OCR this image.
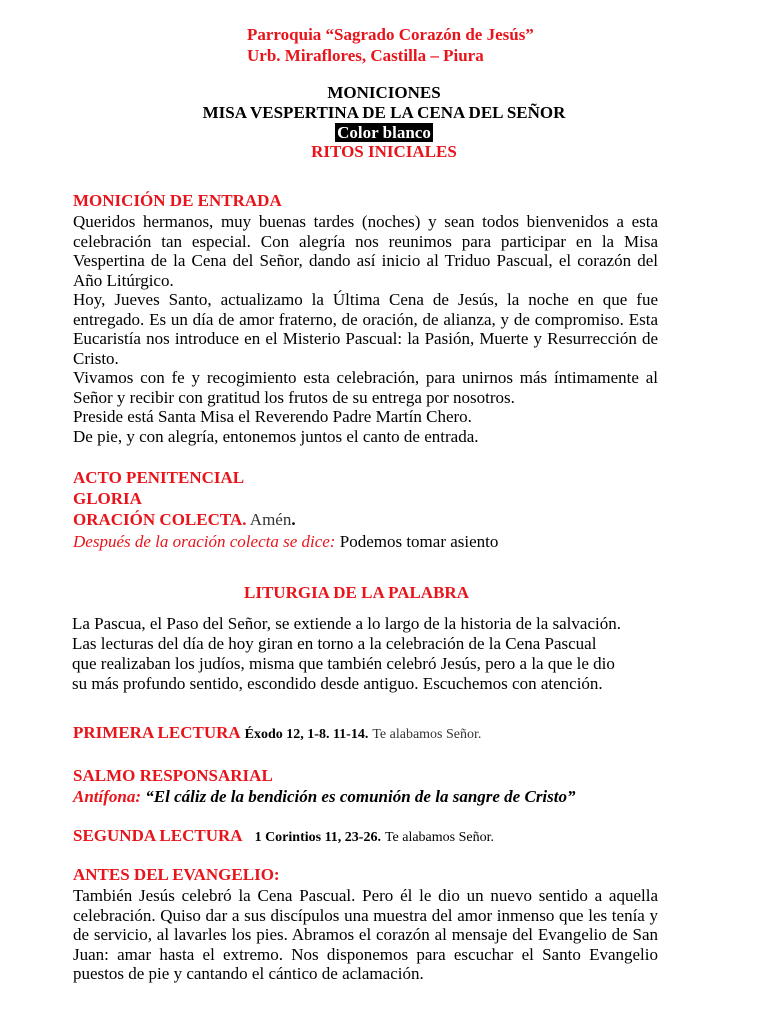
Parroquia “Sagrado Corazón de Jesús”
Urb. Miraflores, Castilla – Piura
MONICIONES
MISA VESPERTINA DE LA CENA DEL SEÑOR
Color blanco
RITOS INICIALES
MONICIÓN DE ENTRADA

Queridos hermanos, muy buenas tardes (noches) y sean todos bienvenidos a esta celebración tan especial. Con alegría nos reunimos para participar en la Misa Vespertina de la Cena del Señor, dando así inicio al Triduo Pascual, el corazón del Año Litúrgico.

Hoy, Jueves Santo, actualizamo la Última Cena de Jesús, la noche en que fue entregado. Es un día de amor fraterno, de oración, de alianza, y de compromiso. Esta Eucaristía nos introduce en el Misterio Pascual: la Pasión, Muerte y Resurrección de Cristo.

Vivamos con fe y recogimiento esta celebración, para unirnos más íntimamente al Señor y recibir con gratitud los frutos de su entrega por nosotros.

Preside está Santa Misa el Reverendo Padre Martín Chero.

De pie, y con alegría, entonemos juntos el canto de entrada.

ACTO PENITENCIAL
GLORIA
ORACIÓN COLECTA. Amén.
Después de la oración colecta se dice: Podemos tomar asiento
LITURGIA DE LA PALABRA
La Pascua, el Paso del Señor, se extiende a lo largo de la historia de la salvación.
Las lecturas del día de hoy giran en torno a la celebración de la Cena Pascual
que realizaban los judíos, misma que también celebró Jesús, pero a la que le dio
su más profundo sentido, escondido desde antiguo. Escuchemos con atención.
PRIMERA LECTURA Éxodo 12, 1-8. 11-14. Te alabamos Señor.
SALMO RESPONSARIAL
Antífona: “El cáliz de la bendición es comunión de la sangre de Cristo”
SEGUNDA LECTURA 1 Corintios 11, 23-26. Te alabamos Señor.
ANTES DEL EVANGELIO:

También Jesús celebró la Cena Pascual. Pero él le dio un nuevo sentido a aquella celebración. Quiso dar a sus discípulos una muestra del amor inmenso que les tenía y de servicio, al lavarles los pies. Abramos el corazón al mensaje del Evangelio de San Juan: amar hasta el extremo. Nos disponemos para escuchar el Santo Evangelio puestos de pie y cantando el cántico de aclamación.
